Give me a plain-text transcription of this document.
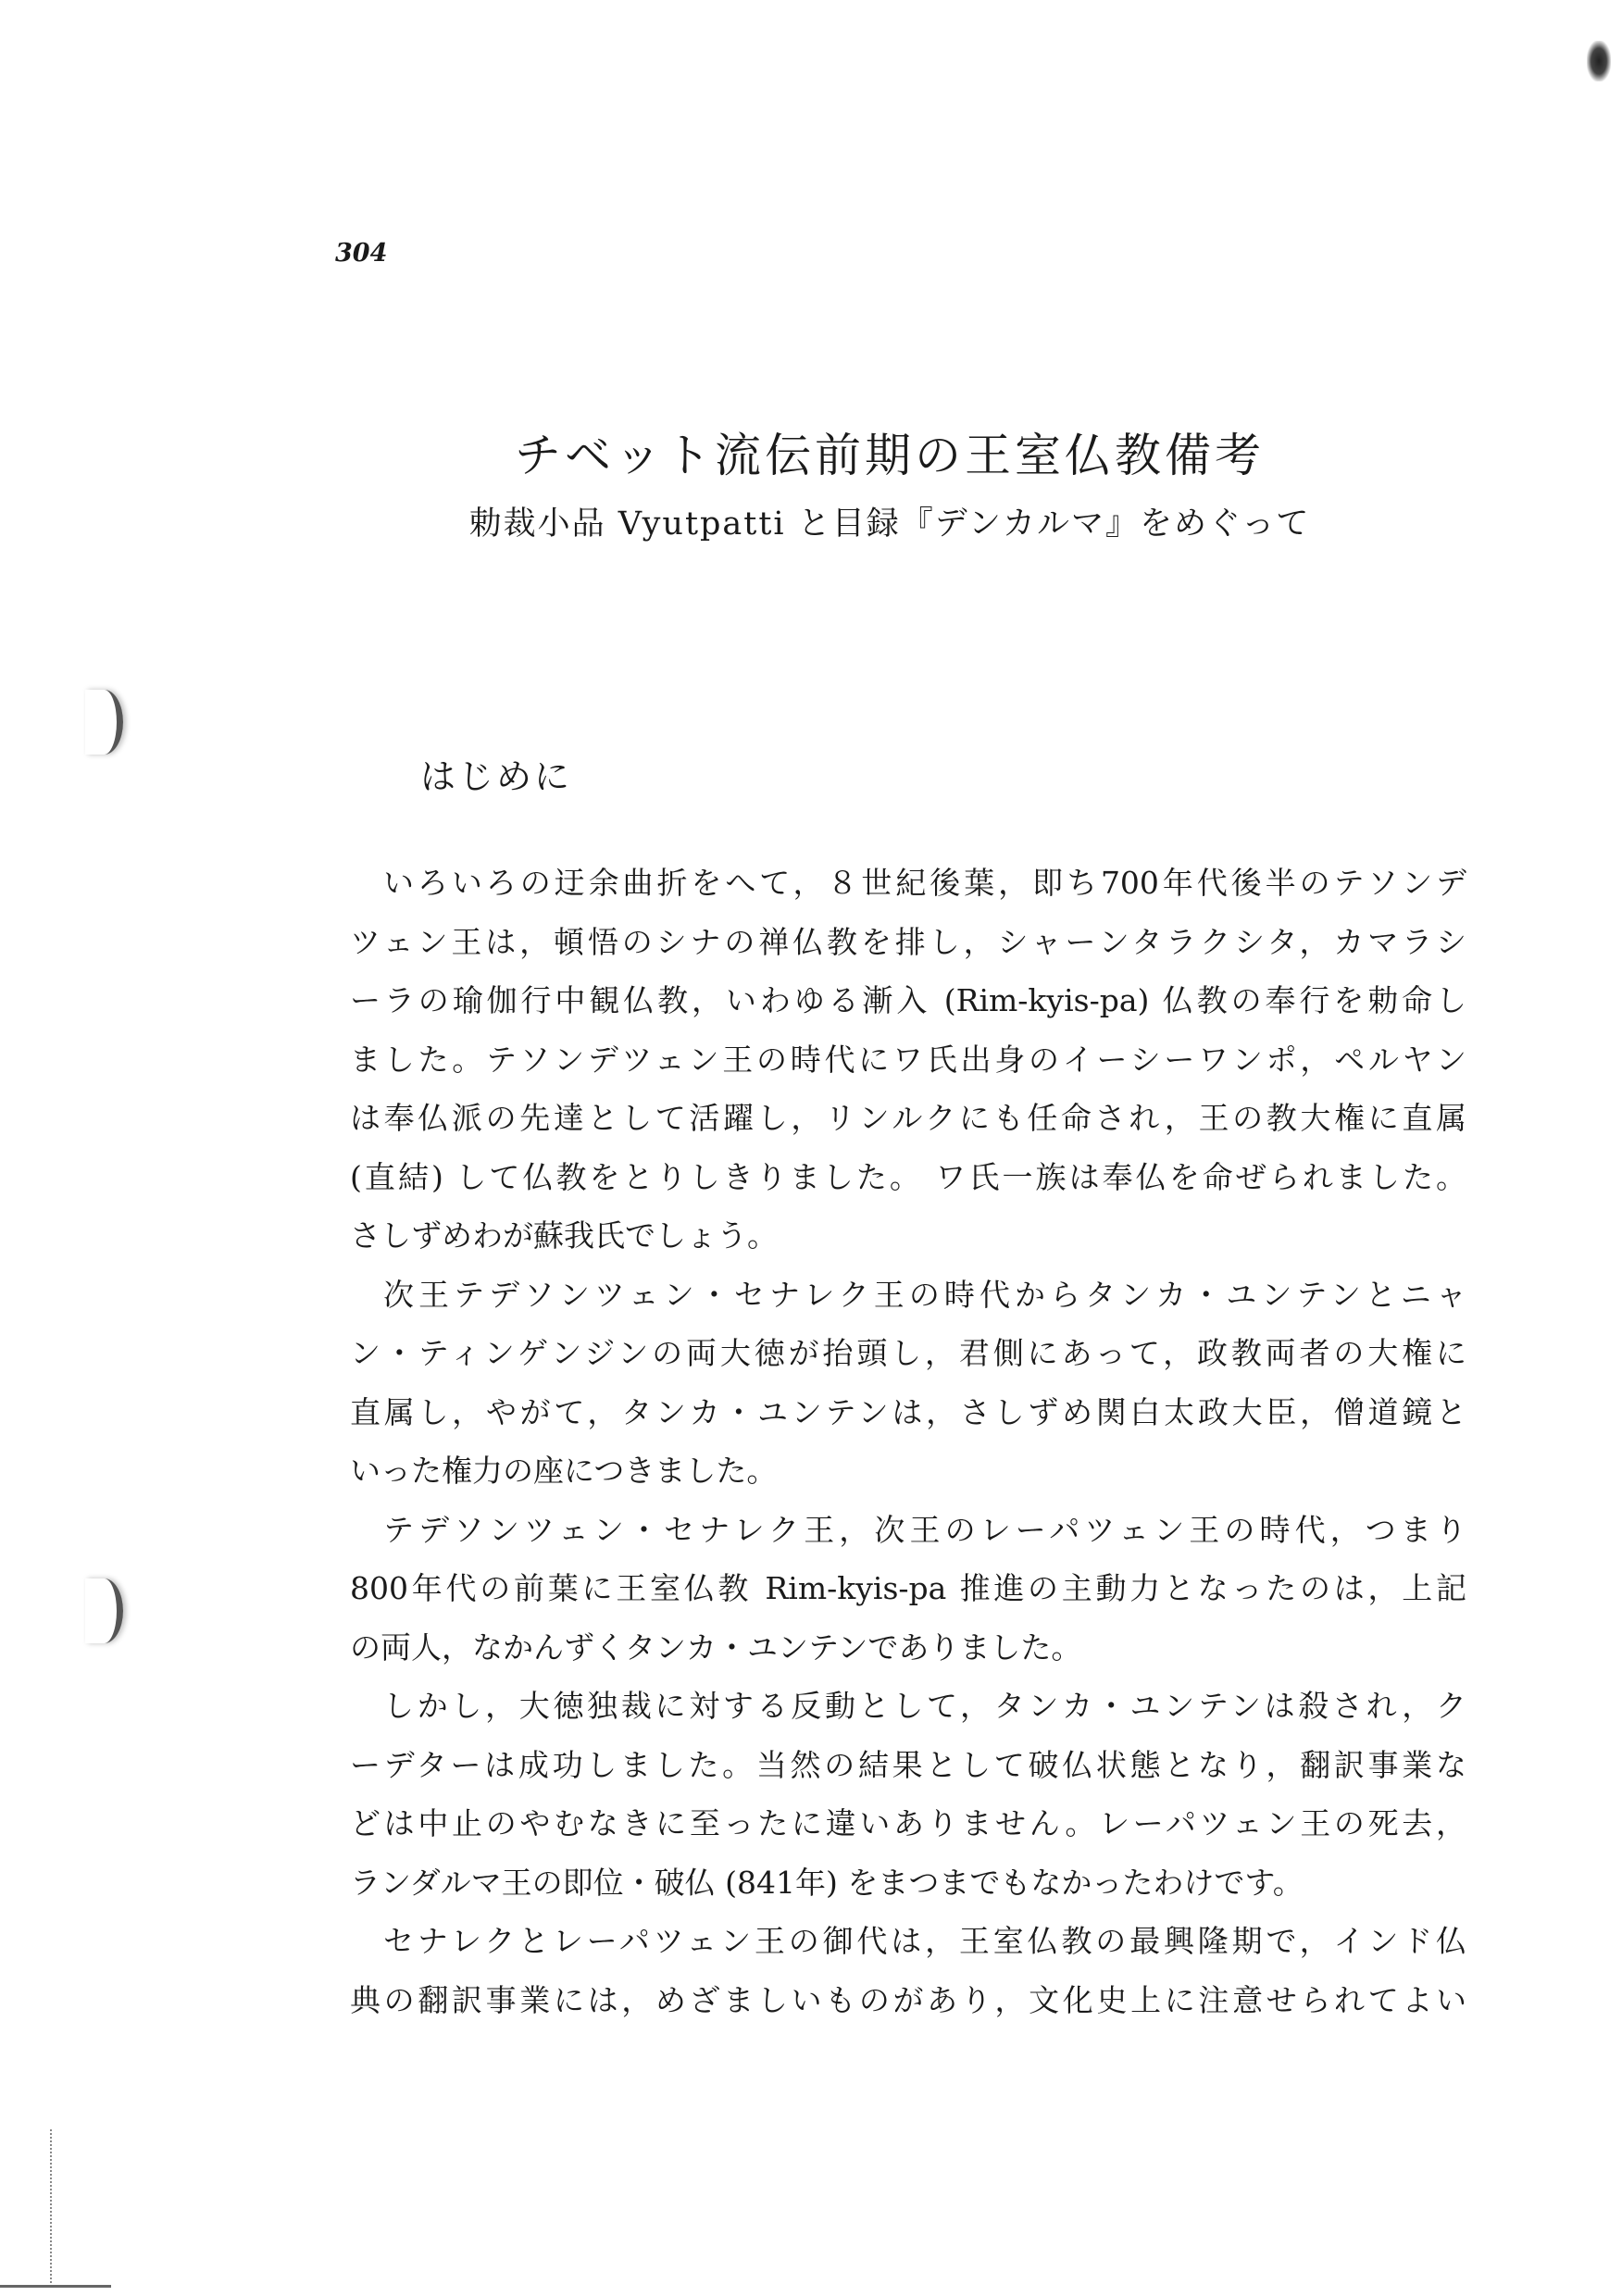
304
チベット流伝前期の王室仏教備考
勅裁小品 Vyutpatti と目録『デンカルマ』をめぐって
はじめに
いろいろの迂余曲折をへて，８世紀後葉，即ち700年代後半のテソンデ
ツェン王は，頓悟のシナの禅仏教を排し，シャーンタラクシタ，カマラシ
ーラの瑜伽行中観仏教，いわゆる漸入 (Rim-kyis-pa) 仏教の奉行を勅命し
ました。テソンデツェン王の時代にワ氏出身のイーシーワンポ，ペルヤン
は奉仏派の先達として活躍し，リンルクにも任命され，王の教大権に直属
(直結) して仏教をとりしきりました。 ワ氏一族は奉仏を命ぜられました。
さしずめわが蘇我氏でしょう。
次王テデソンツェン・セナレク王の時代からタンカ・ユンテンとニャ
ン・ティンゲンジンの両大徳が抬頭し，君側にあって，政教両者の大権に
直属し，やがて，タンカ・ユンテンは，さしずめ関白太政大臣，僧道鏡と
いった権力の座につきました。
テデソンツェン・セナレク王，次王のレーパツェン王の時代，つまり
800年代の前葉に王室仏教 Rim-kyis-pa 推進の主動力となったのは，上記
の両人，なかんずくタンカ・ユンテンでありました。
しかし，大徳独裁に対する反動として，タンカ・ユンテンは殺され，ク
ーデターは成功しました。当然の結果として破仏状態となり，翻訳事業な
どは中止のやむなきに至ったに違いありません。レーパツェン王の死去，
ランダルマ王の即位・破仏 (841年) をまつまでもなかったわけです。
セナレクとレーパツェン王の御代は，王室仏教の最興隆期で，インド仏
典の翻訳事業には，めざましいものがあり，文化史上に注意せられてよい
